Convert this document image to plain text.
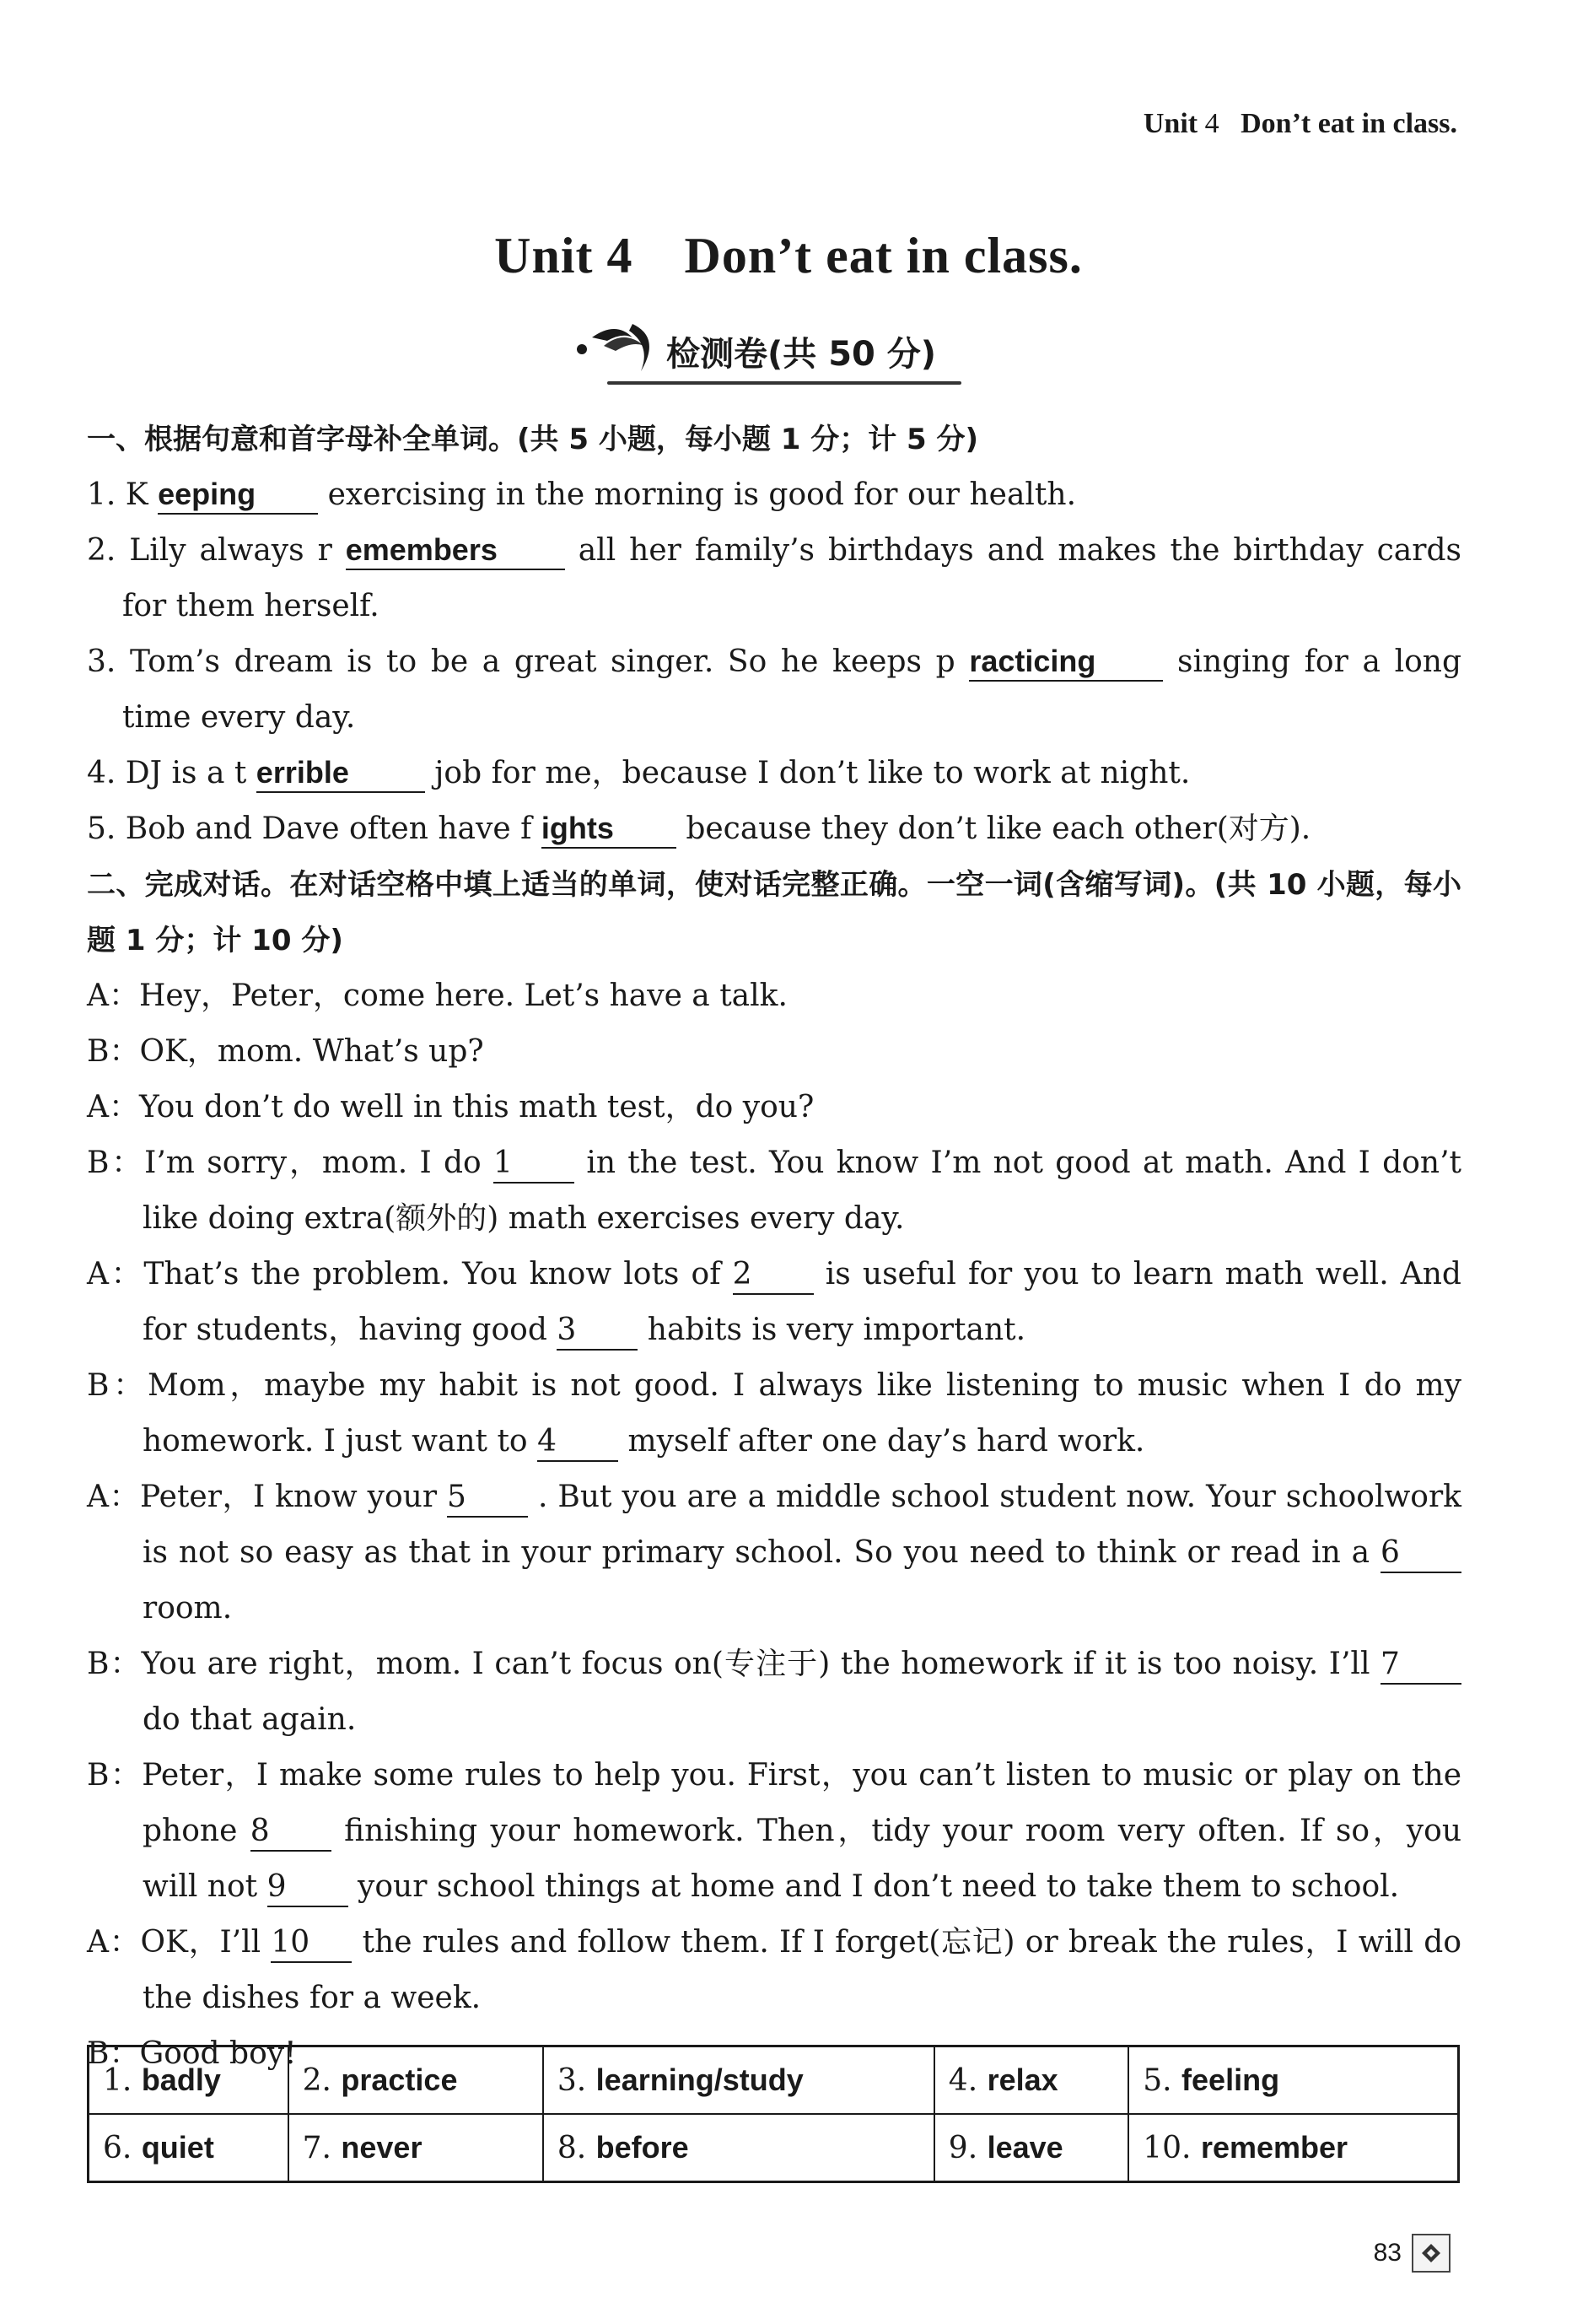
Unit 4 Don’t eat in class.
Unit 4　Don’t eat in class.
检测卷(共 50 分)
一、根据句意和首字母补全单词。(共 5 小题，每小题 1 分；计 5 分)
1. K eeping exercising in the morning is good for our health.
2. Lily always r emembers	all her family’s birthdays and makes the birthday cards for them herself.
3. Tom’s dream is to be a great singer. So he keeps p racticing	singing for a long time every day.
4. DJ is a t errible	job for me，because I don’t like to work at night.
5. Bob and Dave often have f ights because they don’t like each other(对方).
二、完成对话。在对话空格中填上适当的单词，使对话完整正确。一空一词(含缩写词)。(共 10 小题，每小题 1 分；计 10 分)
A：Hey，Peter，come here. Let’s have a talk.
B：OK，mom. What’s up?
A：You don’t do well in this math test，do you?
B：I’m sorry，mom. I do 1 in the test. You know I’m not good at math. And I don’t like doing extra(额外的) math exercises every day.
A：That’s the problem. You know lots of 2 is useful for you to learn math well. And for students，having good 3 habits is very important.
B：Mom，maybe my habit is not good. I always like listening to music when I do my homework. I just want to 4 myself after one day’s hard work.
A：Peter，I know your 5 . But you are a middle school student now. Your schoolwork is not so easy as that in your primary school. So you need to think or read in a 6 room.
B：You are right，mom. I can’t focus on(专注于) the homework if it is too noisy. I’ll 7 do that again.
B：Peter，I make some rules to help you. First，you can’t listen to music or play on the phone 8 finishing your homework. Then，tidy your room very often. If so，you will not 9 your school things at home and I don’t need to take them to school.
A：OK，I’ll 10 the rules and follow them. If I forget(忘记) or break the rules，I will do the dishes for a week.
B：Good boy!
1. badly	2. practice	3. learning/study	4. relax	5. feeling
6. quiet	7. never	8. before	9. leave	10. remember
83
